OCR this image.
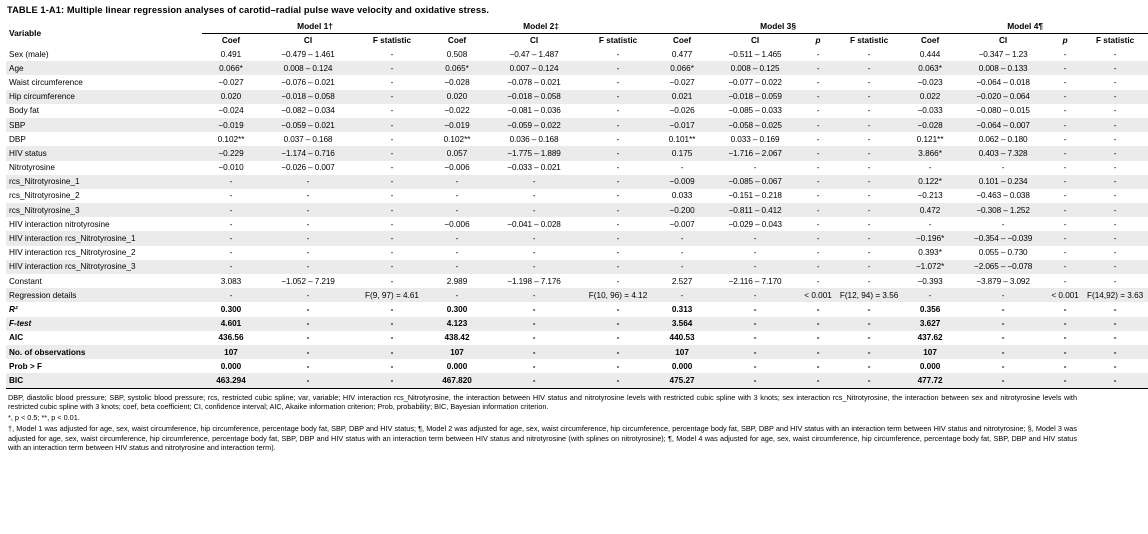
TABLE 1-A1: Multiple linear regression analyses of carotid–radial pulse wave velocity and oxidative stress.
Variable	Model 1†			Model 2‡			Model 3§				Model 4¶			
	Coef	CI	F statistic	Coef	CI	F statistic	Coef	CI	p	F statistic	Coef	CI	p	F statistic
Sex (male)	0.491	−0.479 – 1.461	-	0.508	−0.47 – 1.487	-	0.477	−0.511 – 1.465	-	-	0.444	−0.347 – 1.23	-	-
Age	0.066*	0.008 – 0.124	-	0.065*	0.007 – 0.124	-	0.066*	0.008 – 0.125	-	-	0.063*	0.008 – 0.133	-	-
Waist circumference	−0.027	−0.076 – 0.021	-	−0.028	−0.078 – 0.021	-	−0.027	−0.077 – 0.022	-	-	−0.023	−0.064 – 0.018	-	-
Hip circumference	0.020	−0.018 – 0.058	-	0.020	−0.018 – 0.058	-	0.021	−0.018 – 0.059	-	-	0.022	−0.020 – 0.064	-	-
Body fat	−0.024	−0.082 – 0.034	-	−0.022	−0.081 – 0.036	-	−0.026	−0.085 – 0.033	-	-	−0.033	−0.080 – 0.015	-	-
SBP	−0.019	−0.059 – 0.021	-	−0.019	−0.059 – 0.022	-	−0.017	−0.058 – 0.025	-	-	−0.028	−0.064 – 0.007	-	-
DBP	0.102**	0.037 – 0.168	-	0.102**	0.036 – 0.168	-	0.101**	0.033 – 0.169	-	-	0.121**	0.062 – 0.180	-	-
HIV status	−0.229	−1.174 – 0.716	-	0.057	−1.775 – 1.889	-	0.175	−1.716 – 2.067	-	-	3.866*	0.403 – 7.328	-	-
Nitrotyrosine	−0.010	−0.026 – 0.007	-	−0.006	−0.033 – 0.021	-	-	-	-	-	-	-	-	-
rcs_Nitrotyrosine_1	-	-	-	-	-	-	−0.009	−0.085 – 0.067	-	-	0.122*	0.101 – 0.234	-	-
rcs_Nitrotyrosine_2	-	-	-	-	-	-	0.033	−0.151 – 0.218	-	-	−0.213	−0.463 – 0.038	-	-
rcs_Nitrotyrosine_3	-	-	-	-	-	-	−0.200	−0.811 – 0.412	-	-	0.472	−0.308 – 1.252	-	-
HIV interaction nitrotyrosine	-	-	-	−0.006	−0.041 – 0.028	-	−0.007	−0.029 – 0.043	-	-	-	-	-	-
HIV interaction rcs_Nitrotyrosine_1	-	-	-	-	-	-	-	-	-	-	−0.196*	−0.354 – −0.039	-	-
HIV interaction rcs_Nitrotyrosine_2	-	-	-	-	-	-	-	-	-	-	0.393*	0.055 – 0.730	-	-
HIV interaction rcs_Nitrotyrosine_3	-	-	-	-	-	-	-	-	-	-	−1.072*	−2.065 – −0.078	-	-
Constant	3.083	−1.052 – 7.219	-	2.989	−1.198 – 7.176	-	2.527	−2.116 – 7.170	-	-	−0.393	−3.879 – 3.092	-	-
Regression details	-	-	F(9, 97) = 4.61	-	-	F(10, 96) = 4.12	-	-	< 0.001	F(12, 94) = 3.56	-	-	< 0.001	F(14,92) = 3.63
R²	0.300	-	-	0.300	-	-	0.313	-	-	-	0.356	-	-	-
F-test	4.601	-	-	4.123	-	-	3.564	-	-	-	3.627	-	-	-
AIC	436.56	-	-	438.42	-	-	440.53	-	-	-	437.62	-	-	-
No. of observations	107	-	-	107	-	-	107	-	-	-	107	-	-	-
Prob > F	0.000	-	-	0.000	-	-	0.000	-	-	-	0.000	-	-	-
BIC	463.294	-	-	467.820	-	-	475.27	-	-	-	477.72	-	-	-

DBP, diastolic blood pressure; SBP, systolic blood pressure; rcs, restricted cubic spline; var, variable; HIV interaction rcs_Nitrotyrosine, the interaction between HIV status and nitrotyrosine levels with restricted cubic spline with 3 knots; sex interaction rcs_Nitrotyrosine, the interaction between sex and nitrotyrosine levels with restricted cubic spline with 3 knots; coef, beta coefficient; CI, confidence interval; AIC, Akaike information criterion; Prob, probability; BIC, Bayesian information criterion.

*, p < 0.5; **, p < 0.01.

†, Model 1 was adjusted for age, sex, waist circumference, hip circumference, percentage body fat, SBP, DBP and HIV status; ¶, Model 2 was adjusted for age, sex, waist circumference, hip circumference, percentage body fat, SBP, DBP and HIV status with an interaction term between HIV status and nitrotyrosine; §, Model 3 was adjusted for age, sex, waist circumference, hip circumference, percentage body fat, SBP, DBP and HIV status with an interaction term between HIV status and nitrotyrosine (with splines on nitrotyrosine); ¶, Model 4 was adjusted for age, sex, waist circumference, hip circumference, percentage body fat, SBP, DBP and HIV status with an interaction term between HIV status and nitrotyrosine and interaction term).
